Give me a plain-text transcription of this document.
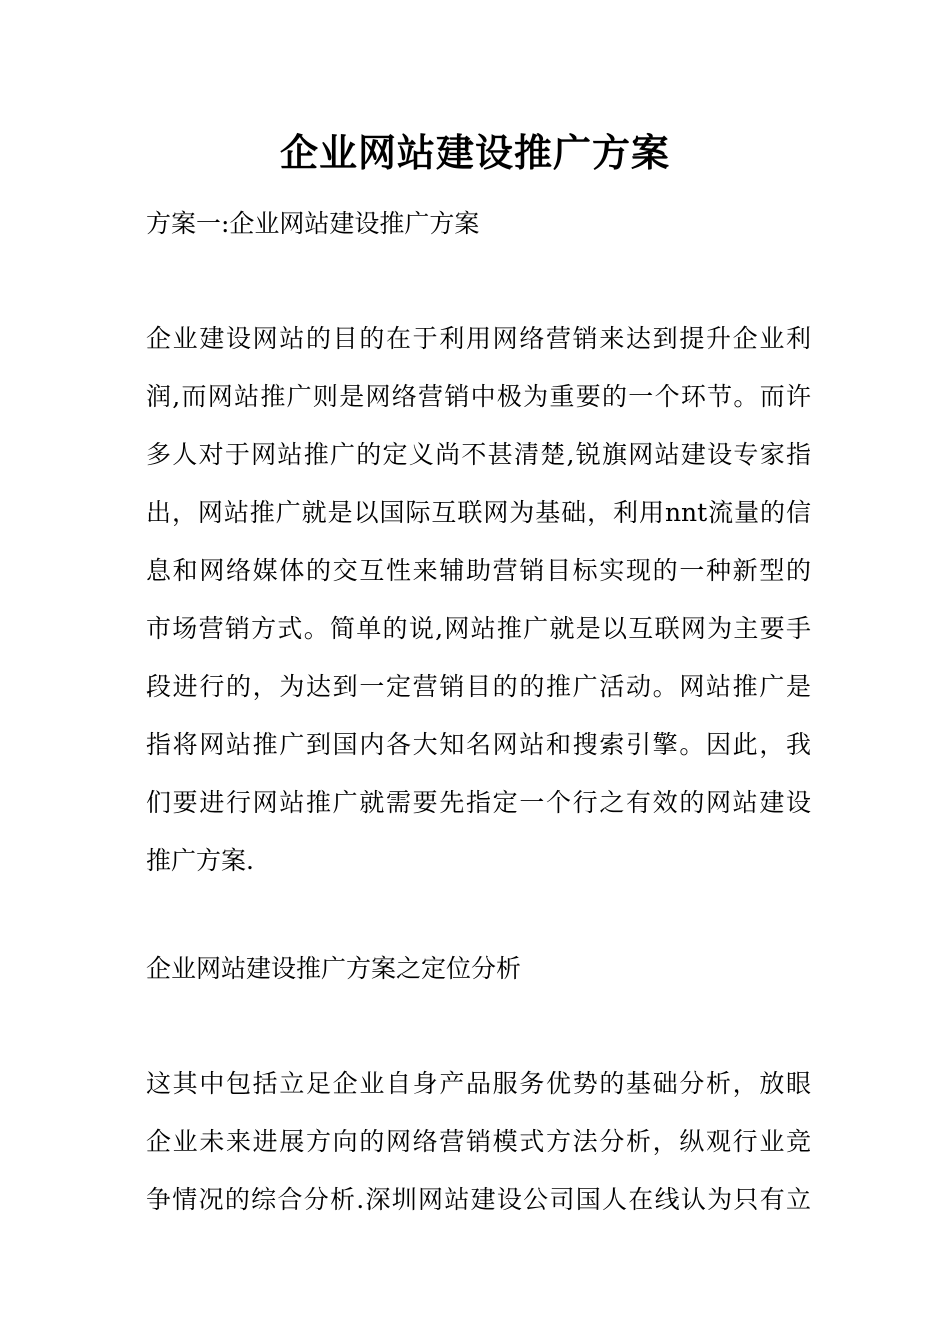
企业网站建设推广方案
方案一:企业网站建设推广方案
企业建设网站的目的在于利用网络营销来达到提升企业利
润,而网站推广则是网络营销中极为重要的一个环节。而许
多人对于网站推广的定义尚不甚清楚,锐旗网站建设专家指
出，网站推广就是以国际互联网为基础，利用nnt流量的信
息和网络媒体的交互性来辅助营销目标实现的一种新型的
市场营销方式。简单的说,网站推广就是以互联网为主要手
段进行的，为达到一定营销目的的推广活动。网站推广是
指将网站推广到国内各大知名网站和搜索引擎。因此，我
们要进行网站推广就需要先指定一个行之有效的网站建设
推广方案.
企业网站建设推广方案之定位分析
这其中包括立足企业自身产品服务优势的基础分析，放眼
企业未来进展方向的网络营销模式方法分析，纵观行业竞
争情况的综合分析.深圳网站建设公司国人在线认为只有立
